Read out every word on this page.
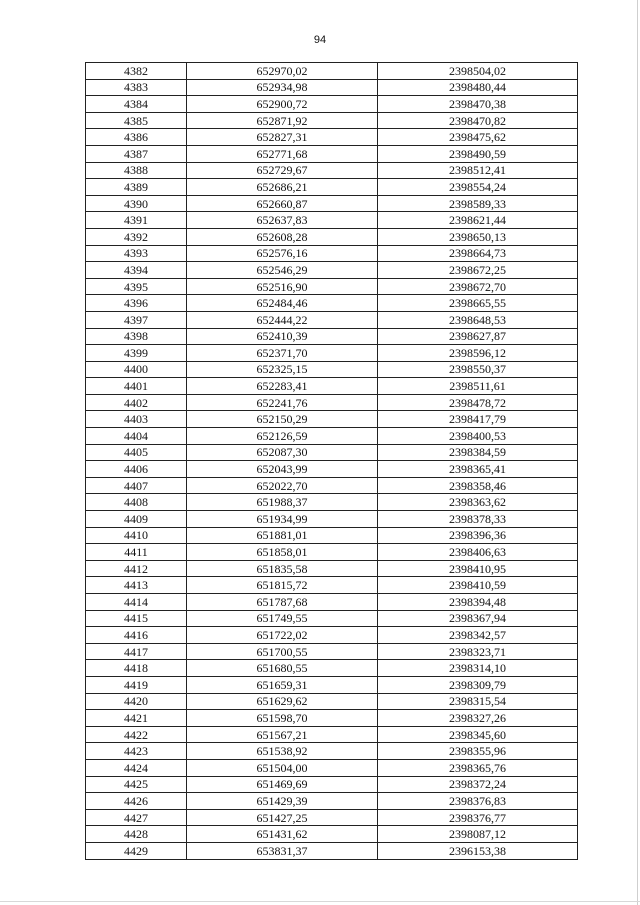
94
4382	652970,02	2398504,02
4383	652934,98	2398480,44
4384	652900,72	2398470,38
4385	652871,92	2398470,82
4386	652827,31	2398475,62
4387	652771,68	2398490,59
4388	652729,67	2398512,41
4389	652686,21	2398554,24
4390	652660,87	2398589,33
4391	652637,83	2398621,44
4392	652608,28	2398650,13
4393	652576,16	2398664,73
4394	652546,29	2398672,25
4395	652516,90	2398672,70
4396	652484,46	2398665,55
4397	652444,22	2398648,53
4398	652410,39	2398627,87
4399	652371,70	2398596,12
4400	652325,15	2398550,37
4401	652283,41	2398511,61
4402	652241,76	2398478,72
4403	652150,29	2398417,79
4404	652126,59	2398400,53
4405	652087,30	2398384,59
4406	652043,99	2398365,41
4407	652022,70	2398358,46
4408	651988,37	2398363,62
4409	651934,99	2398378,33
4410	651881,01	2398396,36
4411	651858,01	2398406,63
4412	651835,58	2398410,95
4413	651815,72	2398410,59
4414	651787,68	2398394,48
4415	651749,55	2398367,94
4416	651722,02	2398342,57
4417	651700,55	2398323,71
4418	651680,55	2398314,10
4419	651659,31	2398309,79
4420	651629,62	2398315,54
4421	651598,70	2398327,26
4422	651567,21	2398345,60
4423	651538,92	2398355,96
4424	651504,00	2398365,76
4425	651469,69	2398372,24
4426	651429,39	2398376,83
4427	651427,25	2398376,77
4428	651431,62	2398087,12
4429	653831,37	2396153,38
